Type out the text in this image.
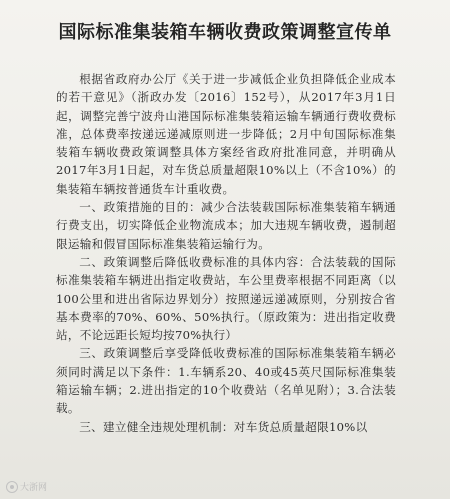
国际标准集装箱车辆收费政策调整宣传单

根据省政府办公厅《关于进一步减低企业负担降低企业成本的若干意见》（浙政办发〔2016〕152号），从2017年3月1日起，调整完善宁波舟山港国际标准集装箱运输车辆通行费收费标准，总体费率按递远递减原则进一步降低；2月中旬国际标准集装箱车辆收费政策调整具体方案经省政府批准同意，并明确从2017年3月1日起，对车货总质量超限10%以上（不含10%）的集装箱车辆按普通货车计重收费。

一、政策措施的目的：减少合法装载国际标准集装箱车辆通行费支出，切实降低企业物流成本；加大违规车辆收费，遏制超限运输和假冒国际标准集装箱运输行为。

二、政策调整后降低收费标准的具体内容：合法装载的国际标准集装箱车辆进出指定收费站，车公里费率根据不同距离（以100公里和进出省际边界划分）按照递远递减原则，分别按合省基本费率的70%、60%、50%执行。（原政策为：进出指定收费站，不论远距长短均按70%执行）

三、政策调整后享受降低收费标准的国际标准集装箱车辆必须同时满足以下条件：1.车辆系20、40或45英尺国际标准集装箱运输车辆；2.进出指定的10个收费站（名单见附）；3.合法装载。

三、建立健全违规处理机制：对车货总质量超限10%以

大浙网
